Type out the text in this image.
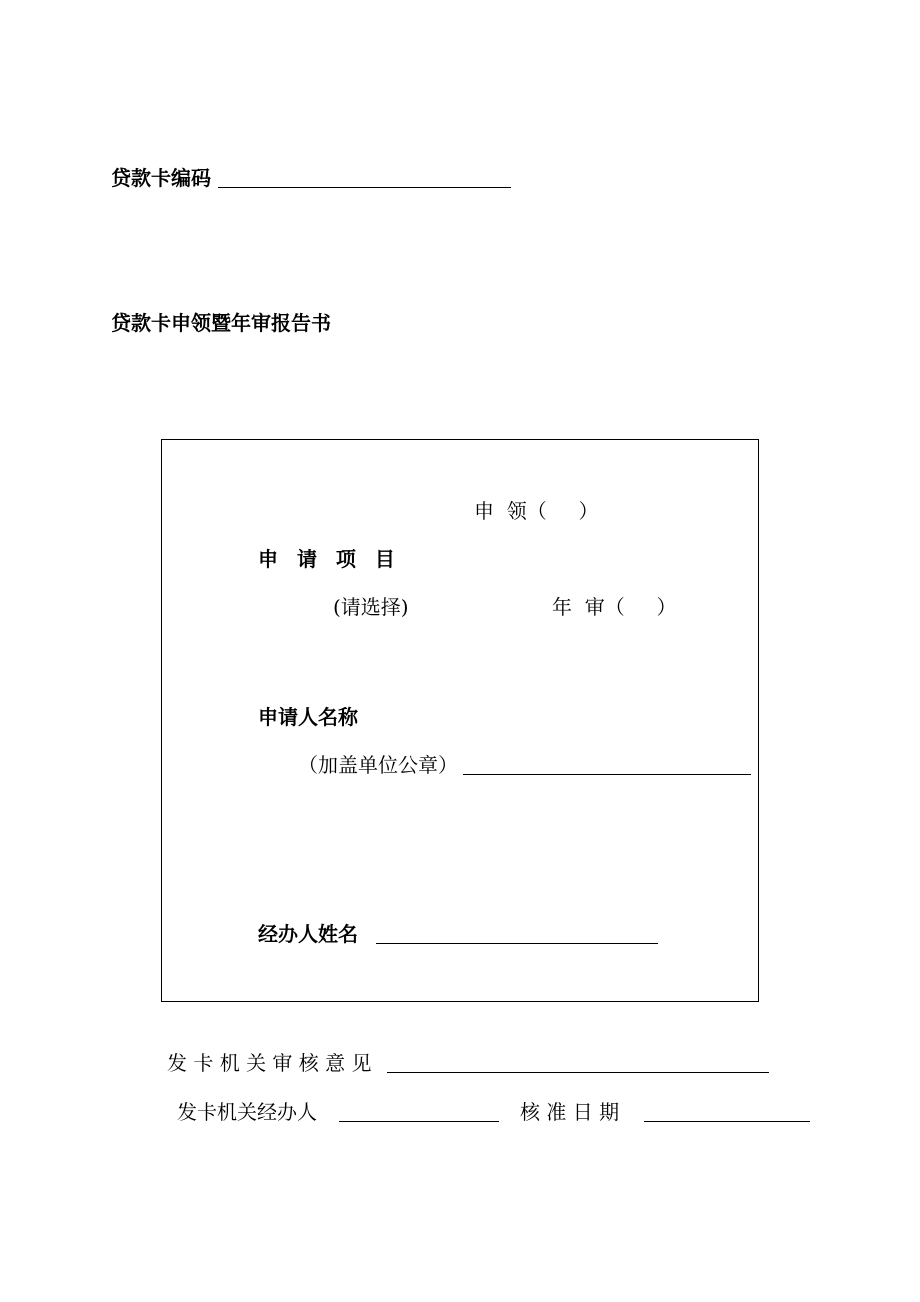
贷款卡编码
贷款卡申领暨年审报告书
申  领（     ）
申 请 项 目
(请选择)	年  审（     ）
申请人名称
（加盖单位公章）
经办人姓名
发 卡 机 关 审 核 意 见
发卡机关经办人	核 准 日 期
